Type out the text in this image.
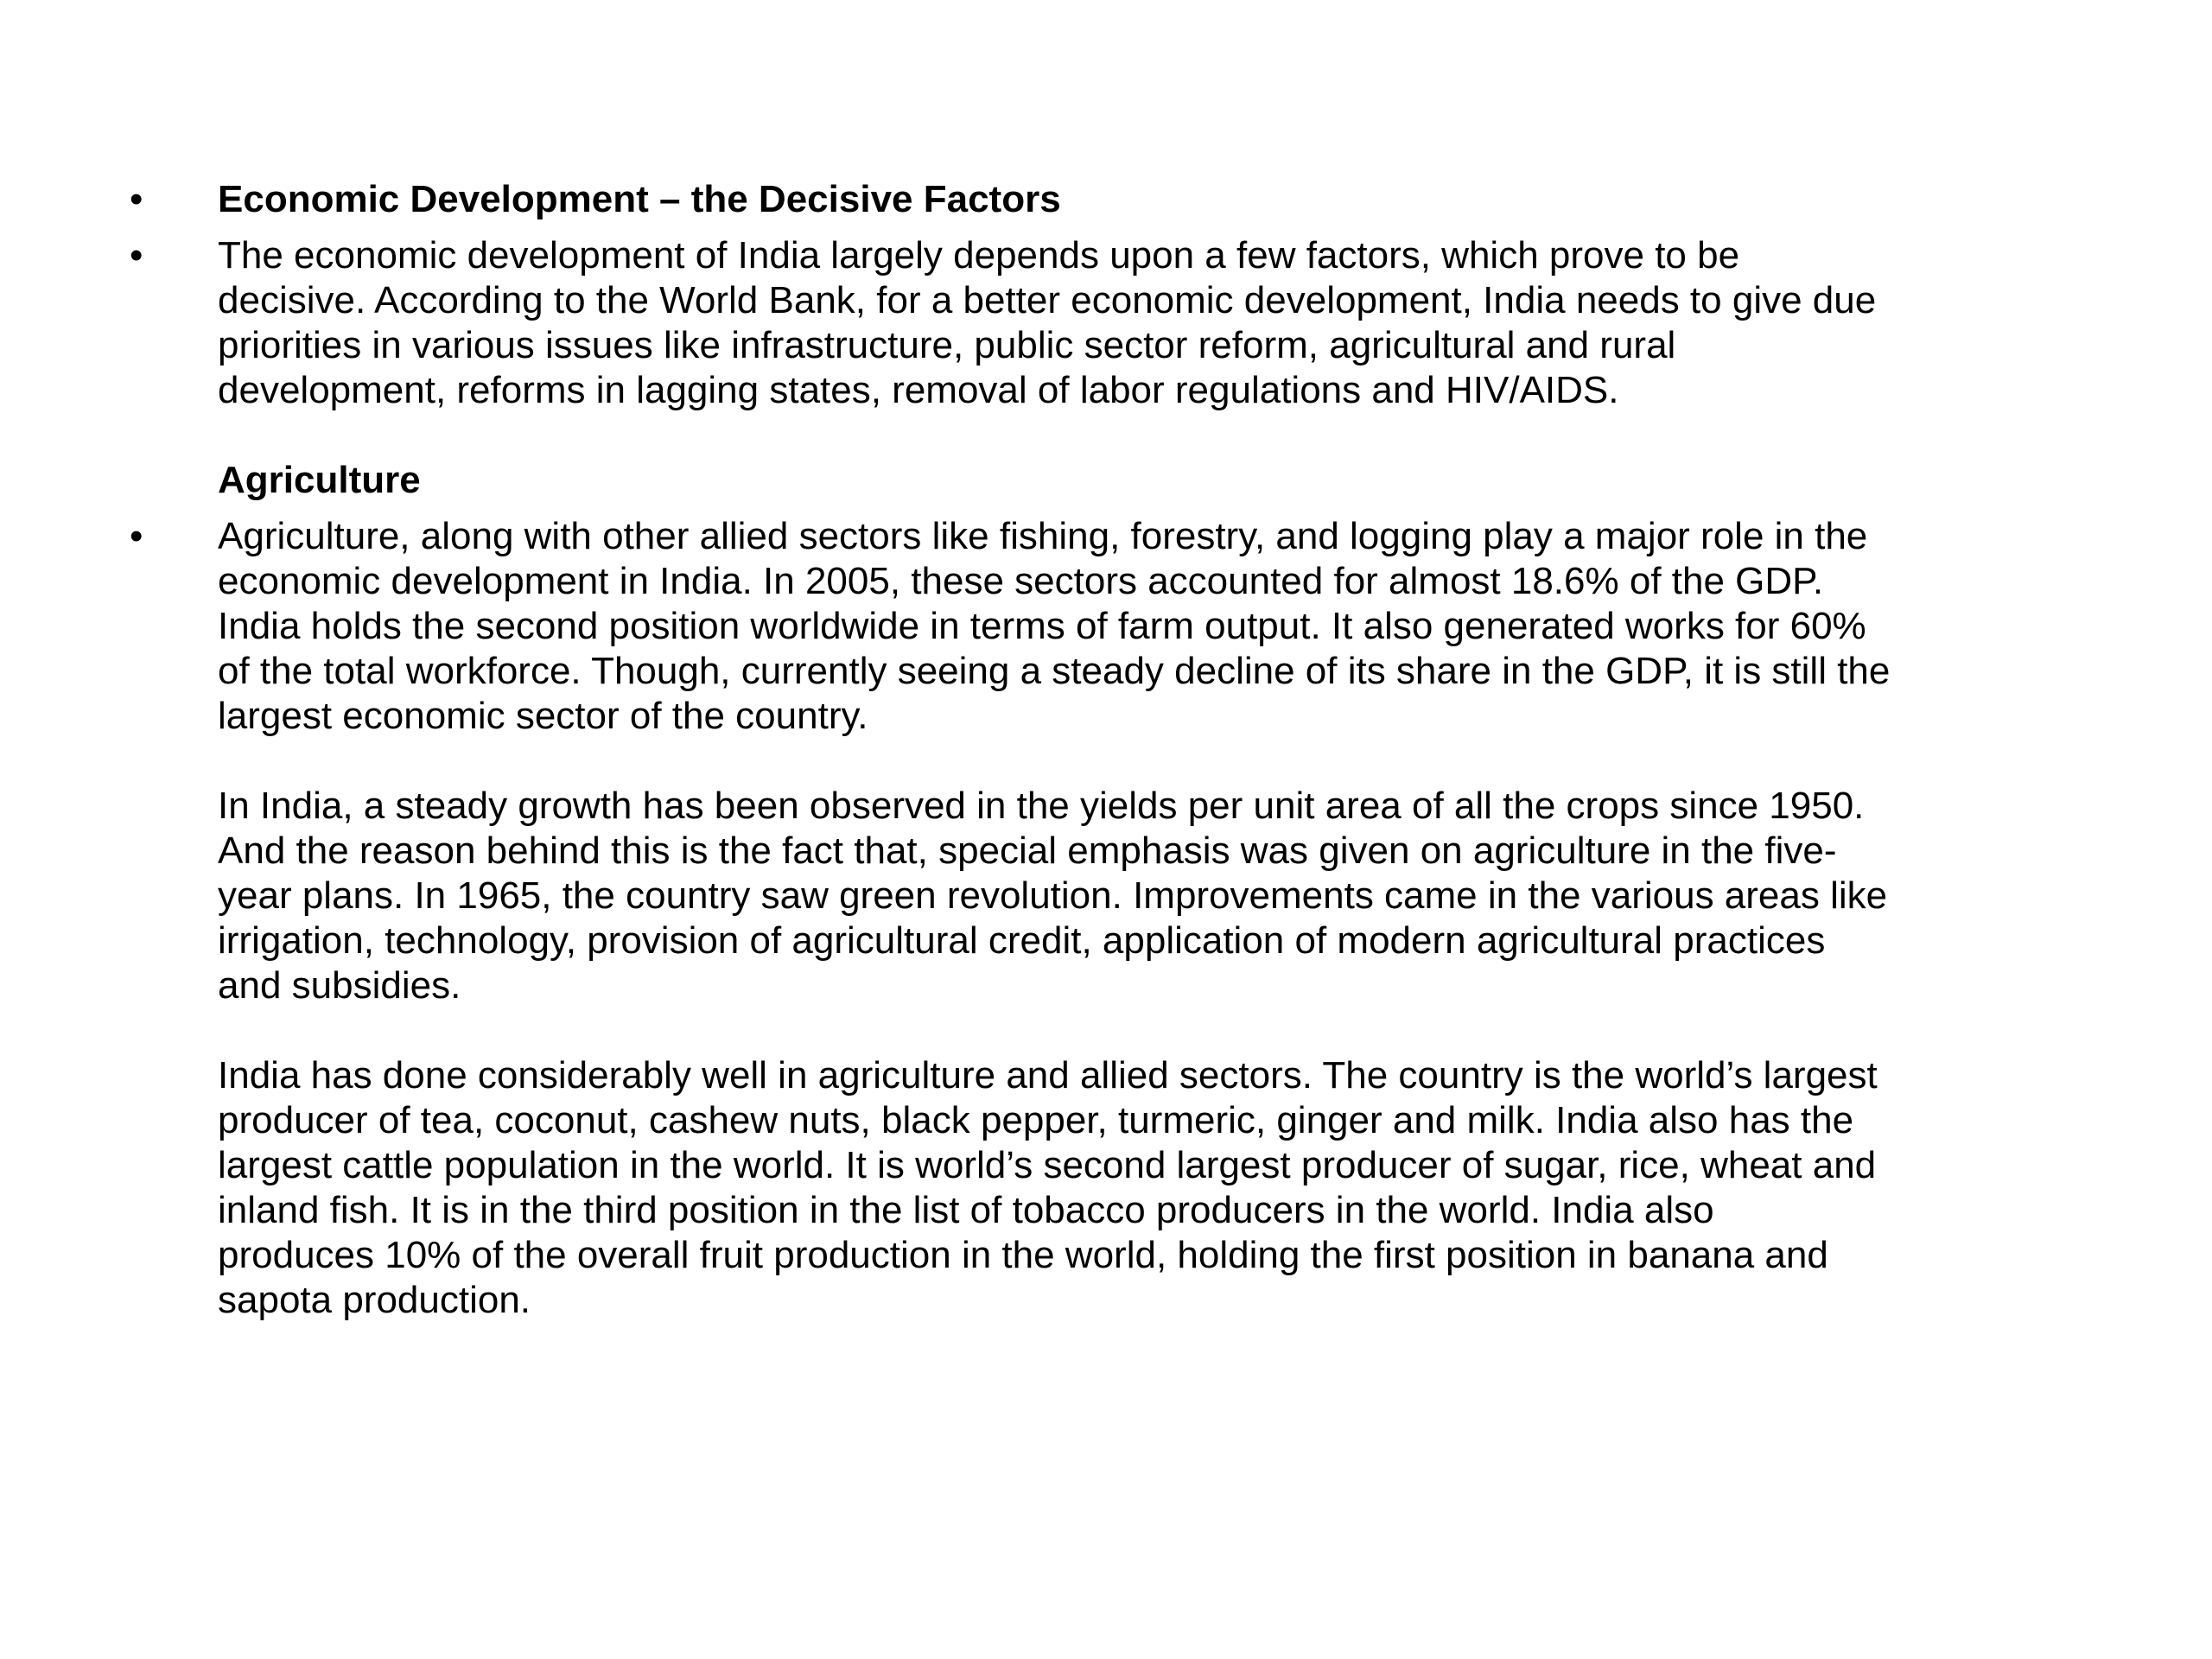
•	Economic Development – the Decisive Factors
•	The economic development of India largely depends upon a few factors, which prove to be
decisive. According to the World Bank, for a better economic development, India needs to give due
priorities in various issues like infrastructure, public sector reform, agricultural and rural
development, reforms in lagging states, removal of labor regulations and HIV/AIDS.
Agriculture
•	Agriculture, along with other allied sectors like fishing, forestry, and logging play a major role in the
economic development in India. In 2005, these sectors accounted for almost 18.6% of the GDP.
India holds the second position worldwide in terms of farm output. It also generated works for 60%
of the total workforce. Though, currently seeing a steady decline of its share in the GDP, it is still the
largest economic sector of the country.
In India, a steady growth has been observed in the yields per unit area of all the crops since 1950.
And the reason behind this is the fact that, special emphasis was given on agriculture in the five-
year plans. In 1965, the country saw green revolution. Improvements came in the various areas like
irrigation, technology, provision of agricultural credit, application of modern agricultural practices
and subsidies.
India has done considerably well in agriculture and allied sectors. The country is the world’s largest
producer of tea, coconut, cashew nuts, black pepper, turmeric, ginger and milk. India also has the
largest cattle population in the world. It is world’s second largest producer of sugar, rice, wheat and
inland fish. It is in the third position in the list of tobacco producers in the world. India also
produces 10% of the overall fruit production in the world, holding the first position in banana and
sapota production.
